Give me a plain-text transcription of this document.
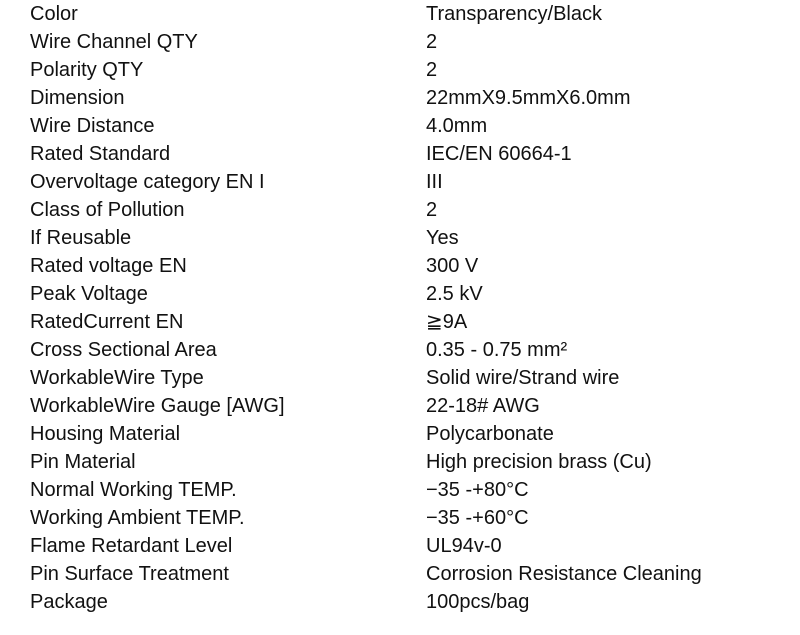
Color	Transparency/Black
Wire Channel QTY	2
Polarity QTY	2
Dimension	22mmX9.5mmX6.0mm
Wire Distance	4.0mm
Rated Standard	IEC/EN 60664-1
Overvoltage category EN I	III
Class of Pollution	2
If Reusable	Yes
Rated voltage EN	300 V
Peak Voltage	2.5 kV
RatedCurrent EN	≧9A
Cross Sectional Area	0.35 - 0.75 mm²
WorkableWire Type	Solid wire/Strand wire
WorkableWire Gauge [AWG]	22-18# AWG
Housing Material	Polycarbonate
Pin Material	High precision brass (Cu)
Normal Working TEMP.	−35 -+80°C
Working Ambient TEMP.	−35 -+60°C
Flame Retardant Level	UL94v-0
Pin Surface Treatment	Corrosion Resistance Cleaning
Package	100pcs/bag
